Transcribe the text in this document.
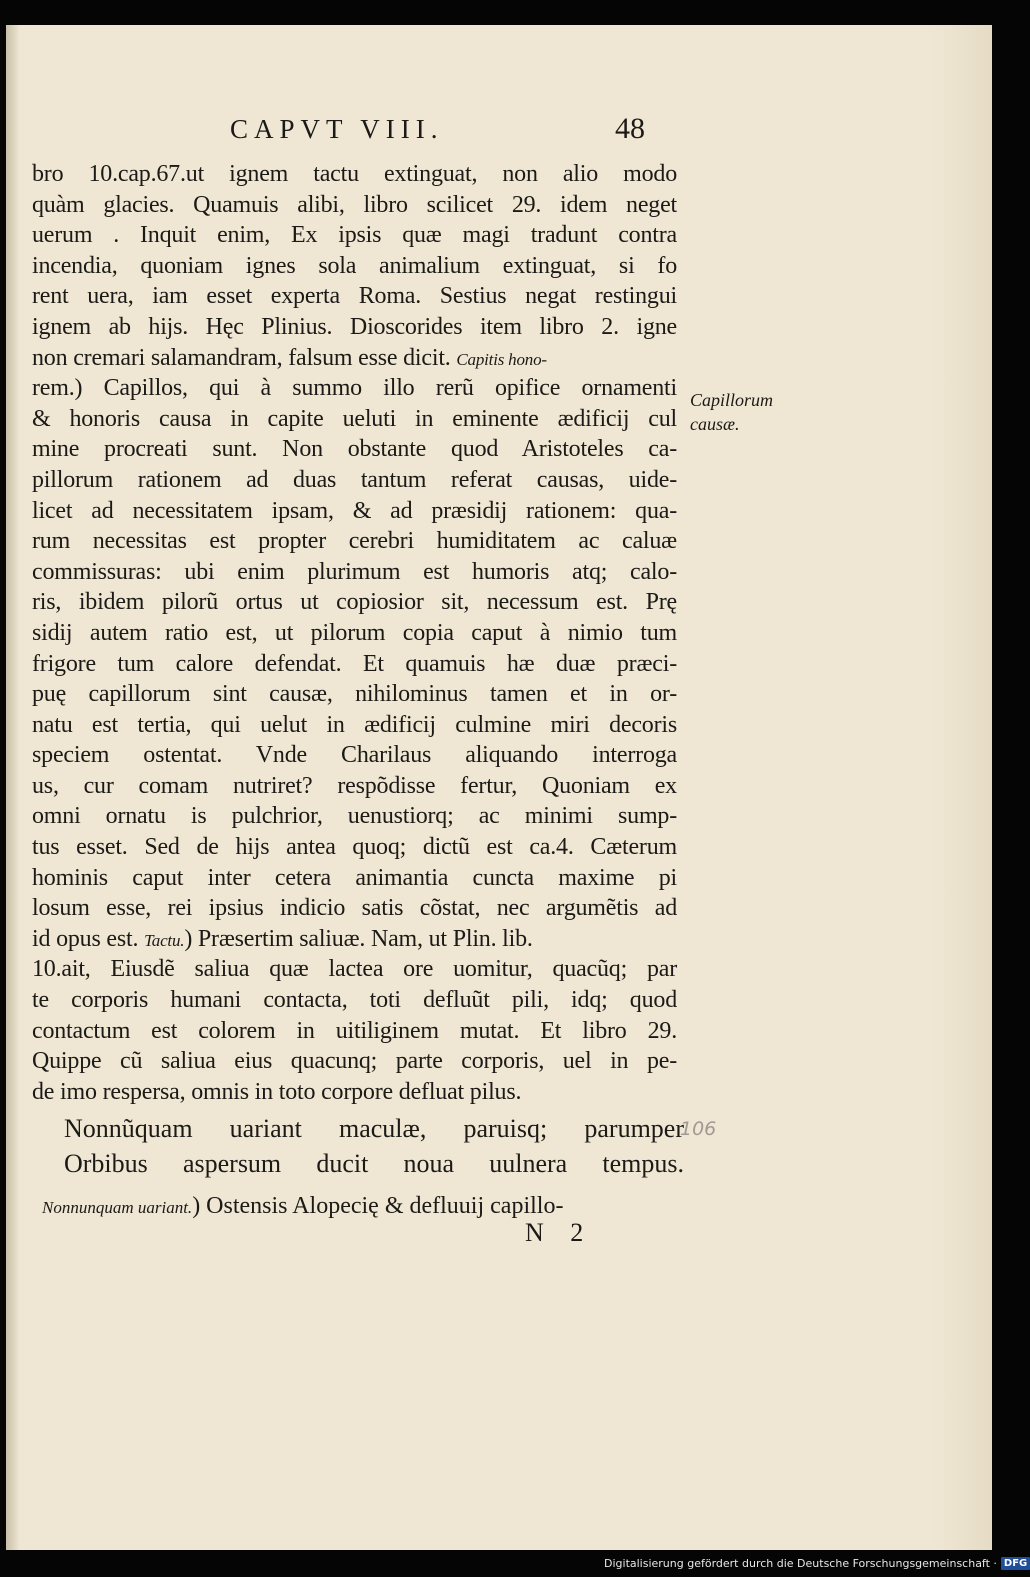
CAPVT VIII.	48
bro 10.cap.67.ut ignem tactu extinguat, non alio modo
quàm glacies. Quamuis alibi, libro scilicet 29. idem neget
uerum . Inquit enim, Ex ipsis quæ magi tradunt contra
incendia, quoniam ignes sola animalium extinguat, si fo
rent uera, iam esset experta Roma. Sestius negat restingui
ignem ab hijs. Hęc Plinius. Dioscorides item libro 2. igne
non cremari salamandram, falsum esse dicit. Capitis hono-
rem.) Capillos, qui à summo illo rerũ opifice ornamenti
& honoris causa in capite ueluti in eminente ædificij cul
mine procreati sunt. Non obstante quod Aristoteles ca-
pillorum rationem ad duas tantum referat causas, uide-
licet ad necessitatem ipsam, & ad præsidij rationem: qua-
rum necessitas est propter cerebri humiditatem ac caluæ
commissuras: ubi enim plurimum est humoris atq; calo-
ris, ibidem pilorũ ortus ut copiosior sit, necessum est. Prę
sidij autem ratio est, ut pilorum copia caput à nimio tum
frigore tum calore defendat. Et quamuis hæ duæ præci-
puę capillorum sint causæ, nihilominus tamen et in or-
natu est tertia, qui uelut in ædificij culmine miri decoris
speciem ostentat. Vnde Charilaus aliquando interroga
us, cur comam nutriret? respõdisse fertur, Quoniam ex
omni ornatu is pulchrior, uenustiorq; ac minimi sump-
tus esset. Sed de hijs antea quoq; dictũ est ca.4. Cæterum
hominis caput inter cetera animantia cuncta maxime pi
losum esse, rei ipsius indicio satis cõstat, nec argumẽtis ad
id opus est. Tactu.) Præsertim saliuæ. Nam, ut Plin. lib.
10.ait, Eiusdẽ saliua quæ lactea ore uomitur, quacũq; par
te corporis humani contacta, toti defluũt pili, idq; quod
contactum est colorem in uitiliginem mutat. Et libro 29.
Quippe cũ saliua eius quacunq; parte corporis, uel in pe-
de imo respersa, omnis in toto corpore defluat pilus.
Nonnũquam uariant maculæ, paruisq; parumper
Orbibus aspersum ducit noua uulnera tempus.
Nonnunquam uariant.) Ostensis Alopecię & defluuij capillo-
Capillorum
causæ.
106
N 2
Digitalisierung gefördert durch die Deutsche Forschungsgemeinschaft · DFG
